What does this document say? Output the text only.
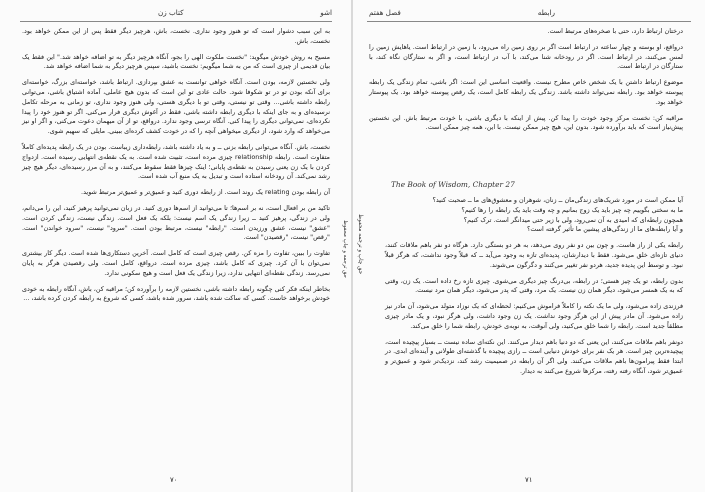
کتاب زن	اشو

به این سبب دشوار است که تو هنوز وجود ندارى. نخست، باش، هرچیز دیگر فقط پس از این ممکن خواهد بود. نخست، باش.

مسیح به روش خودش میگوید: "نخست ملکوت الهى را بجو، آنگاه هرچیز دیگر به تو اضافه خواهد شد." این فقط یک بیان قدیمى از چیزى است که من به شما میگویم: نخست باشید، سپس هرچیز دیگر به شما اضافه خواهد شد.

ولى نخستین لازمه، بودن است. آنگاه خواهى توانست به عشق بپردازى. ارتباط باشد، خواسته‌اى بزرگ، خواسته‌اى براى آنکه بودن تو در تو شکوفا شود. حالت عادى تو این است که بدون هیچ عاملى، آماده اشتیاق باشى، مى‌توانى رابطه داشته باشى... وقتى تو نیستى، وقتى تو با دیگرى هستى، ولى هنوز وجود ندارى، تو زمانى به مرحله تکامل نرسیده‌اى و به جاى اینکه با دیگرى رابطه داشته باشى، فقط در آغوش دیگرى فرار مى‌کنى. اگر تو هنوز خود را پیدا نکرده‌اى، نمى‌توانى دیگرى را پیدا کنى. آنگاه ترسى وجود ندارد. درواقع، تو از آن میهمان دعوت مى‌کنى، و اگر او نیز مى‌خواهد که وارد شود، از دیگرى میخواهى آنچه را که در خودت کشف کرده‌اى ببینى. مایلى که سهیم شوى.

نخست، باش. آنگاه مى‌توانى رابطه بزنى ــ و به یاد داشته باشد، رابطه‌دارى زیباست. بودن در یک رابطه پدیده‌اى کاملاً متفاوت است. رابطه relationship چیزى مرده است، تثبیت شده است. به یک نقطه‌ى انتهایى رسیده است. ازدواج کردن با یک زن یعنى رسیدن به نقطه‌ى پایانى؛ اینک چیزها فقط سقوط مى‌کنند، و به آن مرز رسیده‌اى، دیگر هیچ چیز رشد نمى‌کند. آن رودخانه استاده است و تبدیل به یک منبع آب شده است.

آن رابطه بودن relating یک روند است. از رابطه دورى کنید و عمیق‌تر و عمیق‌تر مرتبط شوید.

تاکید من بر افعال است، نه بر اسم‌ها؛ تا مى‌توانید از اسم‌ها دورى کنید. در زبان نمى‌توانید پرهیز کنید، این را مى‌دانم، ولى در زندگى، پرهیز کنید ــ زیرا زندگى یک اسم نیست: بلکه یک فعل است. زندگى نیست، زندگى کردن است. "عشق" نیست، عشق ورزیدن است. "رابطه" نیست، مرتبط بودن است. "سرود" نیست، "سرود خواندن" است. "رقص" نیست، "رقصیدن" است.

تفاوت را ببین، تفاوت را مزه کن. رقص چیزى است که کامل است. آخرین دستکارى‌ها شده است. دیگر کار بیشترى نمى‌توان با آن کرد. چیزى که کامل باشد، چیزى مرده است. درواقع، کامل است. ولى رقصیدن هرگز به پایان نمى‌رسد. زندگى نقطه‌اى انتهایى ندارد، زیرا زندگى یک فعل است و هیچ سکونى ندارد.

بخاطر اینکه فکر کنى چگونه رابطه داشته باشى، نخستین لازمه را برآورده کن؛ مراقبه کن، باش، آنگاه رابطه به خودى خودش برخواهد خاست. کسى که ساکت شده باشد، سرور شده باشد، کسى که شروع به رابطه کردن کرده باشد، ...

حق ترجمه و چاپ محفوظ
۷۰
فصل هفتم	رابطه

درختان ارتباط دارد، حتى با صخره‌هاى مرتبط است.

درواقع، او بوسته و چهار ساعته در ارتباط است اگر بر روى زمین راه مى‌رود، با زمین در ارتباط است. یاهایش زمین را لمس مى‌کنند، در ارتباط است. اگر در رودخانه شنا مى‌کند، با آب در ارتباط است، و اگر به ستارگان نگاه کند، با ستارگان در ارتباط است.

موضوع ارتباط داشتن با یک شخص خاص مطرح نیست. واقعیت اساسى این است: اگر باشى، تمام زندگى یک رابطه پیوسته خواهد بود. رابطه نمى‌تواند داشته باشد. زندگى یک رابطه کامل است، یک رقص پیوسته خواهد بود. یک پیوستار خواهد بود.

مراقبه کن: نخست مرکز وجود خودت را پیدا کن. پیش از اینکه با دیگرى باشى، با خودت مرتبط باش. این نخستین پیش‌نیاز است که باید برآورده شود. بدون این، هیچ چیز ممکن نیست. با این، همه چیز ممکن است.

The Book of Wisdom, Chapter 27

آیا ممکن است در مورد شریک‌هاى زندگى‌مان ــ زنان، شوهران و معشوق‌هاى ما ــ صحبت کنید؟

ما به سختى بگوییم چه چیز باید یک زوج بمانیم و چه وقت باید یک رابطه را رها کنیم؟

همچون رابطه‌اى که امیدى به آن نمى‌رود، ولى با زیر حتى میدانگر است. ترک کنیم؟

و آیا رابطه‌هاى ما از زندگى‌هاى پیشین ما تأثیر گرفته است؟

رابطه یکى از راز هاست. و چون بین دو نفر روى مى‌دهد، به هر دو بستگى دارد. هرگاه دو نفر باهم ملاقات کنند، دنیاى تازه‌اى خلق مى‌شود. فقط با دیدارشان، پدیده‌اى تازه به وجود مى‌آید ــ که قبلاً وجود نداشت، که هرگز قبلاً نبود. و توسط این پدیده جدید، هردو نفر تغییر مى‌کنند و دگرگون مى‌شوند.

بدون رابطه، تو یک چیز هستى؛ در رابطه، بى‌درنگ چیز دیگرى مى‌شوى. چیزى تازه رخ داده است. یک زن، وقتى که به یک همسر مى‌شود، دیگر همان زن نیست. یک مرد، وقتى که پدر مى‌شود، دیگر همان مرد نیست.

فرزندى زاده مى‌شود، ولى ما یک نکته را کاملاً فراموش مى‌کنیم: لحظه‌اى که یک نوزاد متولد مى‌شود، آن مادر نیز زاده مى‌شود. آن مادر پیش از این هرگز وجود نداشت. یک زن وجود داشت، ولى هرگز نبود، و یک مادر چیزى مطلقاً جدید است. رابطه را شما خلق مى‌کنید، ولى آنوقت، به نوبه‌ى خودش، رابطه شما را خلق مى‌کند.

دونفر باهم ملاقات مى‌کنند، این یعنى که دو دنیا باهم دیدار مى‌کنند. این نکته‌اى ساده نیست ــ بسیار پیچیده است، پیچیده‌ترین چیز است. هر یک نفر براى خودش دنیایى است ــ رازى پیچیده با گذشته‌اى طولانى و آینده‌اى ابدى. در ابتدا فقط پیرامون‌ها باهم ملاقات مى‌کنند. ولى اگر آن رابطه در صمیمیت رشد کند، نزدیک‌تر شود و عمیق‌تر و عمیق‌تر شود، آنگاه رفته رفته، مرکزها شروع مى‌کنند به دیدار.

حق چاپ و ترجمه محفوظ
۷۱
